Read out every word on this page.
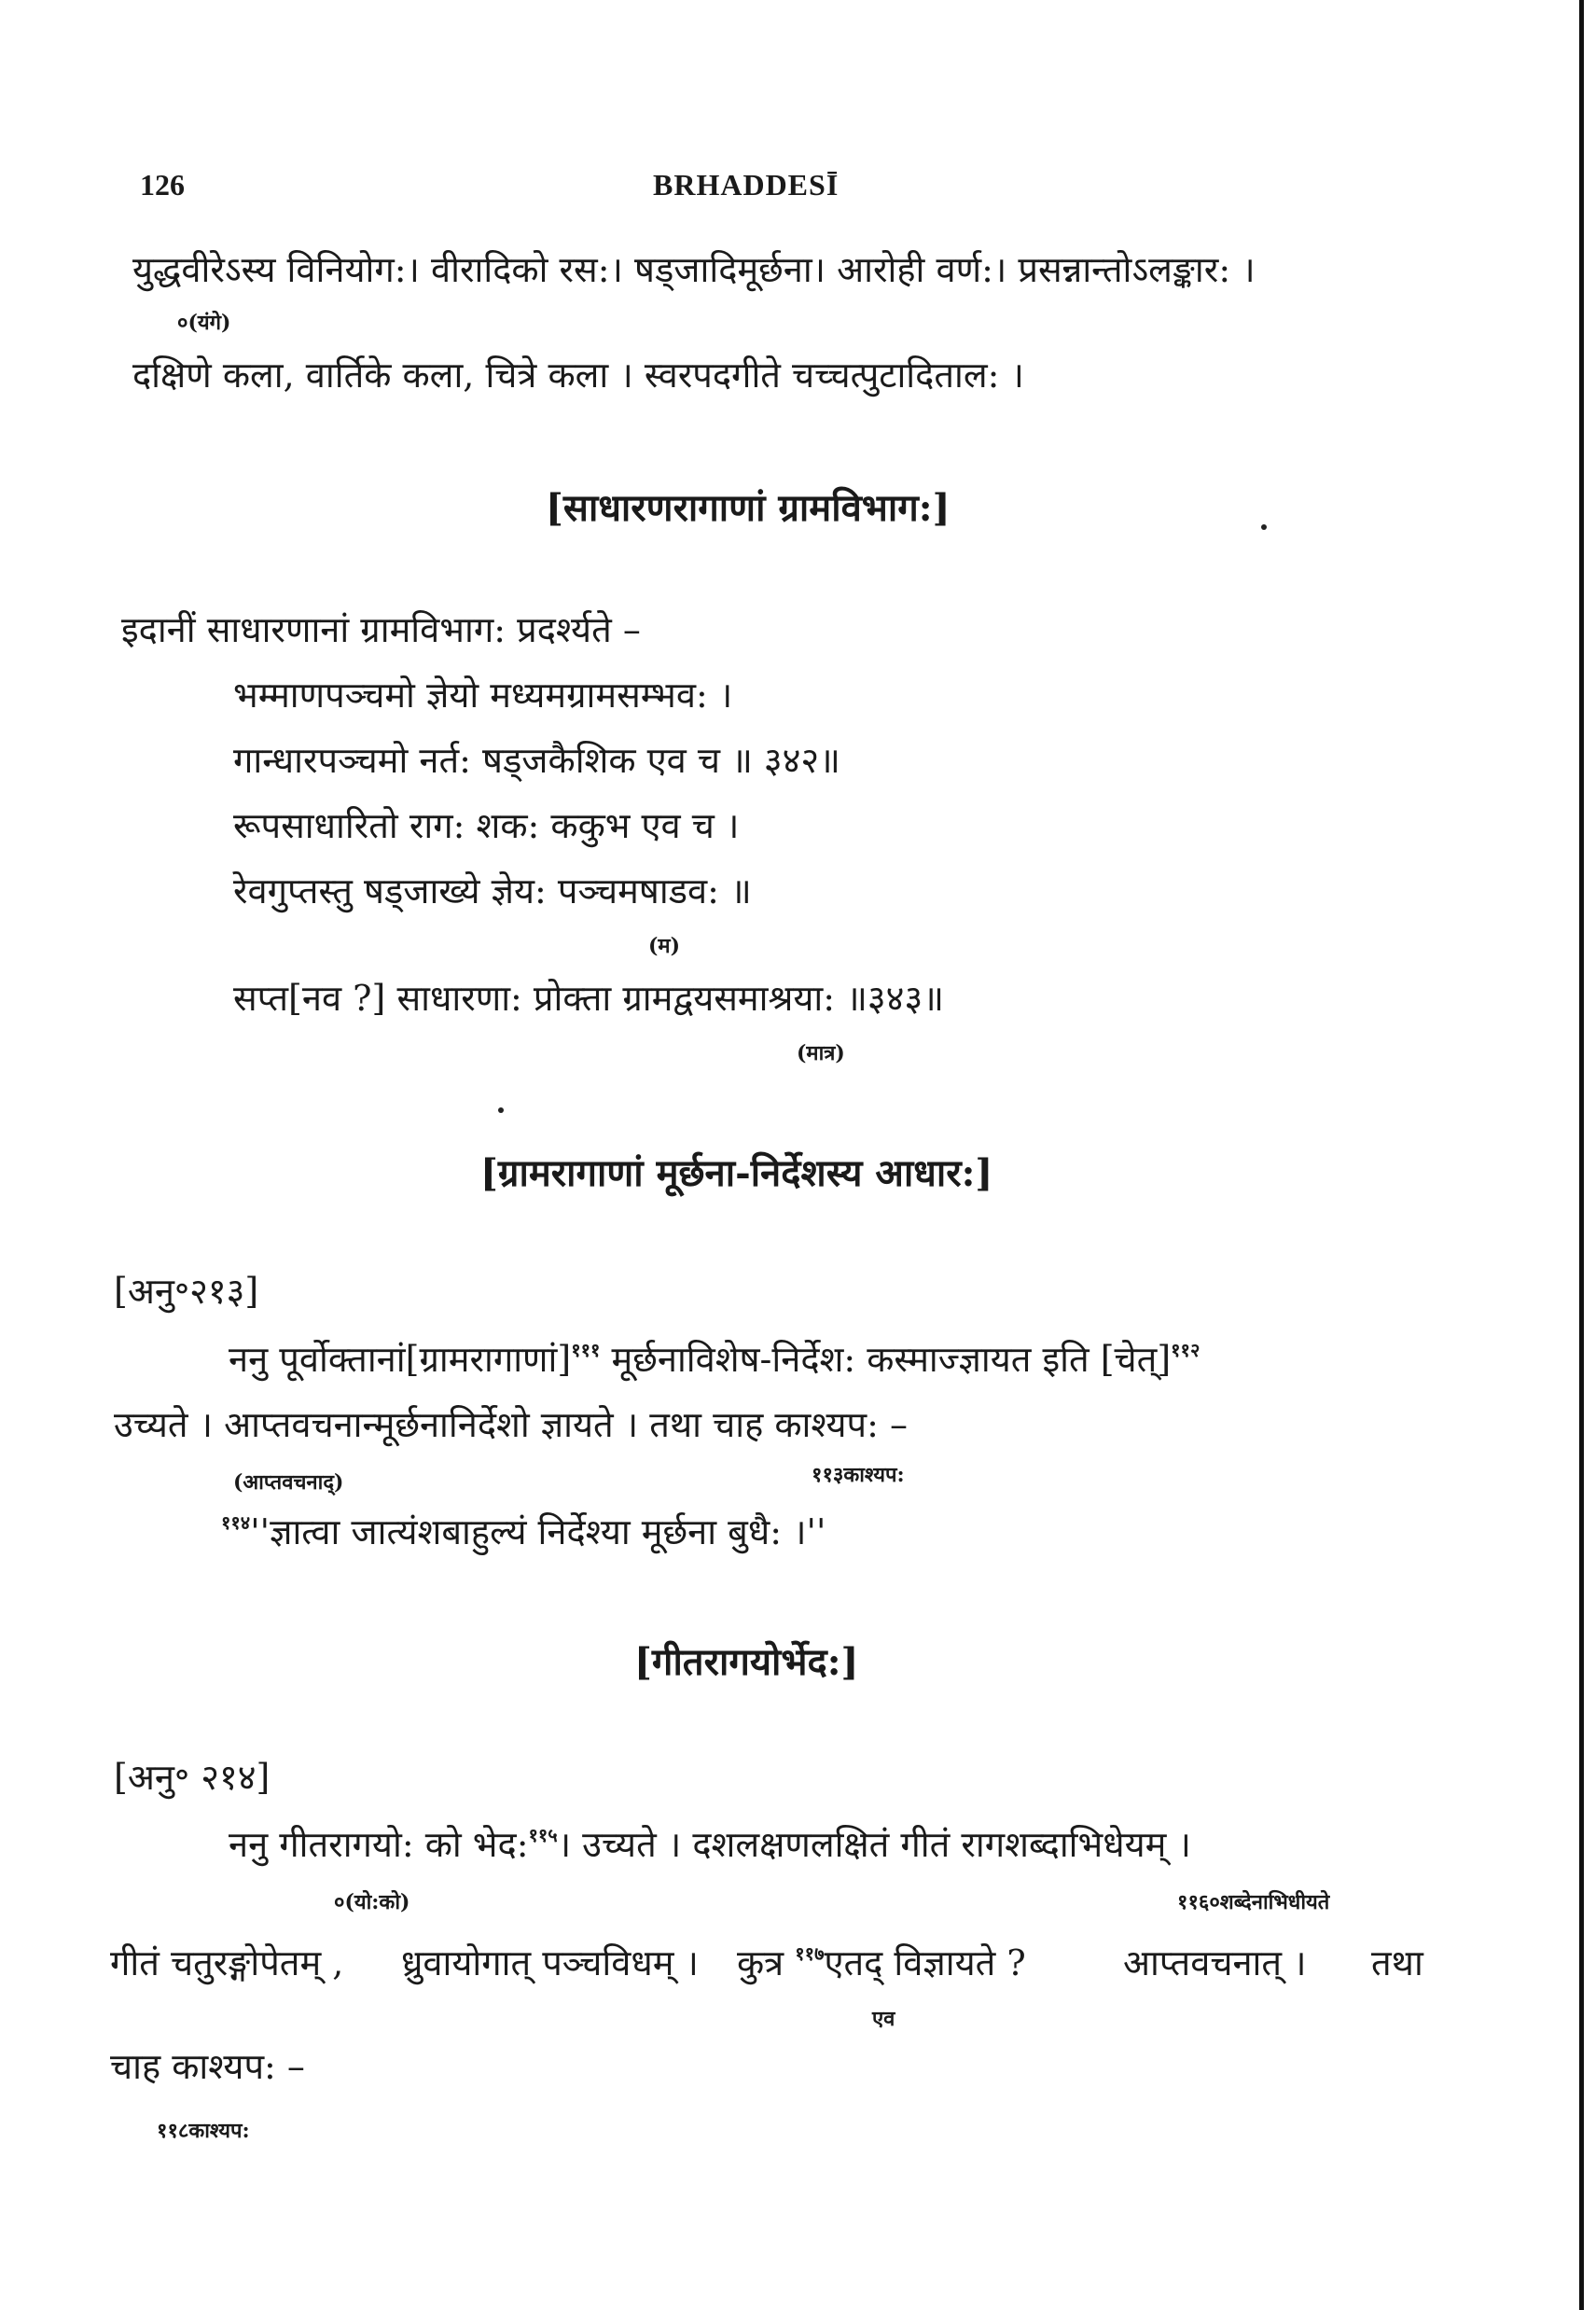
126	BRHADDESĪ
युद्धवीरेऽस्य विनियोग:। वीरादिको रस:। षड्जादिमूर्छना। आरोही वर्ण:। प्रसन्नान्तोऽलङ्कार: ।
०(यंगे)
दक्षिणे कला, वार्तिके कला, चित्रे कला । स्वरपदगीते चच्चत्पुटादिताल: ।
[साधारणरागाणां ग्रामविभाग:]
इदानीं साधारणानां ग्रामविभाग: प्रदर्श्यते –
भम्माणपञ्चमो ज्ञेयो मध्यमग्रामसम्भव: ।
गान्धारपञ्चमो नर्त: षड्जकैशिक एव च ॥ ३४२॥
रूपसाधारितो राग: शक: ककुभ एव च ।
रेवगुप्तस्तु षड्जाख्ये ज्ञेय: पञ्चमषाडव: ॥
(म)
सप्त[नव ?] साधारणा: प्रोक्ता ग्रामद्वयसमाश्रया: ॥३४३॥
(मात्र)
[ग्रामरागाणां मूर्छना-निर्देशस्य आधार:]
[अनु॰२१३]
ननु पूर्वोक्तानां[ग्रामरागाणां]$^{१११}$ मूर्छनाविशेष-निर्देश: कस्माज्ज्ञायत इति [चेत्]$^{११२}$
उच्यते । आप्तवचनान्मूर्छनानिर्देशो ज्ञायते । तथा चाह काश्यप: –
(आप्तवचनाद्)	११३काश्यप:
$^{११४}$''ज्ञात्वा जात्यंशबाहुल्यं निर्देश्या मूर्छना बुधै: ।''
[गीतरागयोर्भेद:]
[अनु॰ २१४]
ननु गीतरागयो: को भेद:$^{११५}$। उच्यते । दशलक्षणलक्षितं गीतं रागशब्दाभिधेयम् ।
०(यो:को)	११६०शब्देनाभिधीयते
गीतं चतुरङ्गोपेतम् , ध्रुवायोगात् पञ्चविधम् । कुत्र $^{११७}$एतद् विज्ञायते ?	आप्तवचनात् । तथा
एव
चाह काश्यप: –
११८काश्यप:
